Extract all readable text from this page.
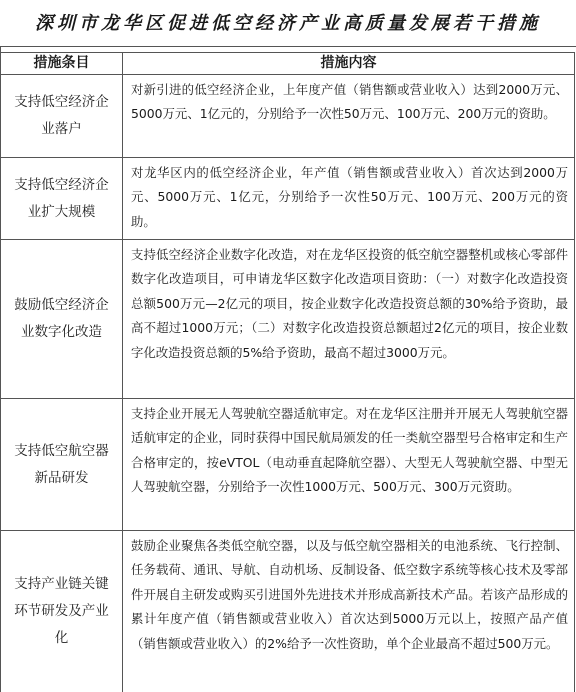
深圳市龙华区促进低空经济产业高质量发展若干措施
措施条目	措施内容
支持低空经济企业落户
对新引进的低空经济企业，上年度产值（销售额或营业收入）达到2000万元、5000万元、1亿元的，分别给予一次性50万元、100万元、200万元的资助。
支持低空经济企业扩大规模
对龙华区内的低空经济企业，年产值（销售额或营业收入）首次达到2000万元、5000万元、1亿元，分别给予一次性50万元、100万元、200万元的资助。
鼓励低空经济企业数字化改造
支持低空经济企业数字化改造，对在龙华区投资的低空航空器整机或核心零部件数字化改造项目，可申请龙华区数字化改造项目资助：（一）对数字化改造投资总额500万元—2亿元的项目，按企业数字化改造投资总额的30%给予资助，最高不超过1000万元；（二）对数字化改造投资总额超过2亿元的项目，按企业数字化改造投资总额的5%给予资助，最高不超过3000万元。
支持低空航空器新品研发
支持企业开展无人驾驶航空器适航审定。对在龙华区注册并开展无人驾驶航空器适航审定的企业，同时获得中国民航局颁发的任一类航空器型号合格审定和生产合格审定的，按eVTOL（电动垂直起降航空器）、大型无人驾驶航空器、中型无人驾驶航空器，分别给予一次性1000万元、500万元、300万元资助。
支持产业链关键环节研发及产业化
鼓励企业聚焦各类低空航空器，以及与低空航空器相关的电池系统、飞行控制、任务载荷、通讯、导航、自动机场、反制设备、低空数字系统等核心技术及零部件开展自主研发或购买引进国外先进技术并形成高新技术产品。若该产品形成的累计年度产值（销售额或营业收入）首次达到5000万元以上，按照产品产值（销售额或营业收入）的2%给予一次性资助，单个企业最高不超过500万元。
